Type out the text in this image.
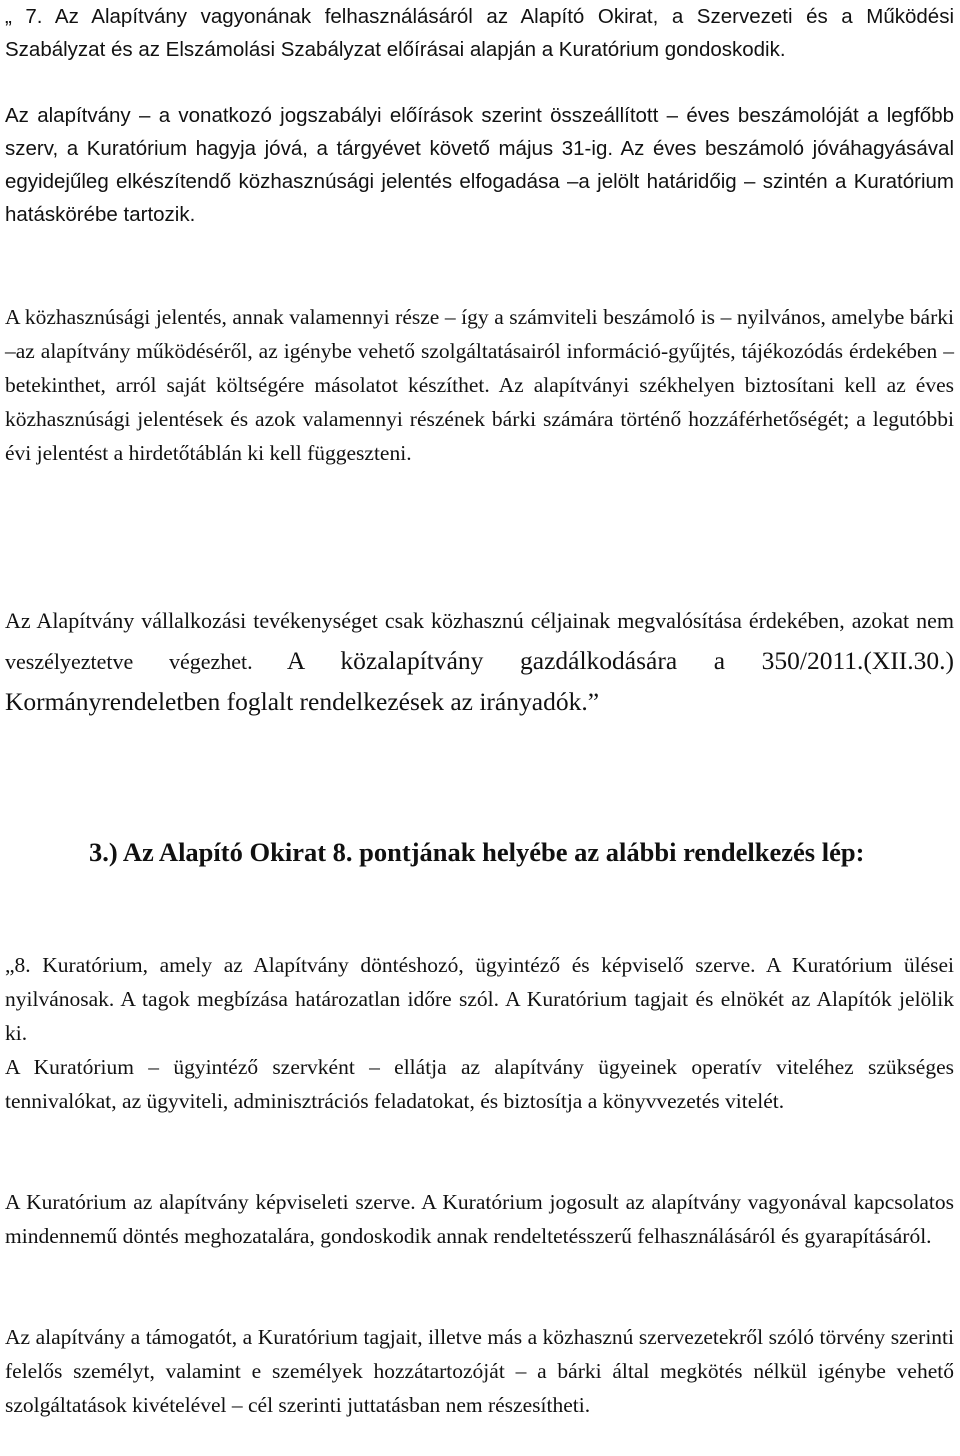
„ 7. Az Alapítvány vagyonának felhasználásáról az Alapító Okirat, a Szervezeti és a Működési Szabályzat és az Elszámolási Szabályzat előírásai alapján a Kuratórium gondoskodik.

Az alapítvány – a vonatkozó jogszabályi előírások szerint összeállított – éves beszámolóját a legfőbb szerv, a Kuratórium hagyja jóvá, a tárgyévet követő május 31-ig. Az éves beszámoló jóváhagyásával egyidejűleg elkészítendő közhasznúsági jelentés elfogadása –a jelölt határidőig – szintén a Kuratórium hatáskörébe tartozik.

A közhasznúsági jelentés, annak valamennyi része – így a számviteli beszámoló is – nyilvános, amelybe bárki –az alapítvány működéséről, az igénybe vehető szolgáltatásairól információ-gyűjtés, tájékozódás érdekében – betekinthet, arról saját költségére másolatot készíthet. Az alapítványi székhelyen biztosítani kell az éves közhasznúsági jelentések és azok valamennyi részének bárki számára történő hozzáférhetőségét; a legutóbbi évi jelentést a hirdetőtáblán ki kell függeszteni.

Az Alapítvány vállalkozási tevékenységet csak közhasznú céljainak megvalósítása érdekében, azokat nem veszélyeztetve végezhet. A közalapítvány gazdálkodására a 350/2011.(XII.30.) Kormányrendeletben foglalt rendelkezések az irányadók.”

3.) Az Alapító Okirat 8. pontjának helyébe az alábbi rendelkezés lép:

„8. Kuratórium, amely az Alapítvány döntéshozó, ügyintéző és képviselő szerve. A Kuratórium ülései nyilvánosak. A tagok megbízása határozatlan időre szól. A Kuratórium tagjait és elnökét az Alapítók jelölik ki.

A Kuratórium – ügyintéző szervként – ellátja az alapítvány ügyeinek operatív viteléhez szükséges tennivalókat, az ügyviteli, adminisztrációs feladatokat, és biztosítja a könyvvezetés vitelét.

A Kuratórium az alapítvány képviseleti szerve. A Kuratórium jogosult az alapítvány vagyonával kapcsolatos mindennemű döntés meghozatalára, gondoskodik annak rendeltetésszerű felhasználásáról és gyarapításáról.

Az alapítvány a támogatót, a Kuratórium tagjait, illetve más a közhasznú szervezetekről szóló törvény szerinti felelős személyt, valamint e személyek hozzátartozóját – a bárki által megkötés nélkül igénybe vehető szolgáltatások kivételével – cél szerinti juttatásban nem részesítheti.
